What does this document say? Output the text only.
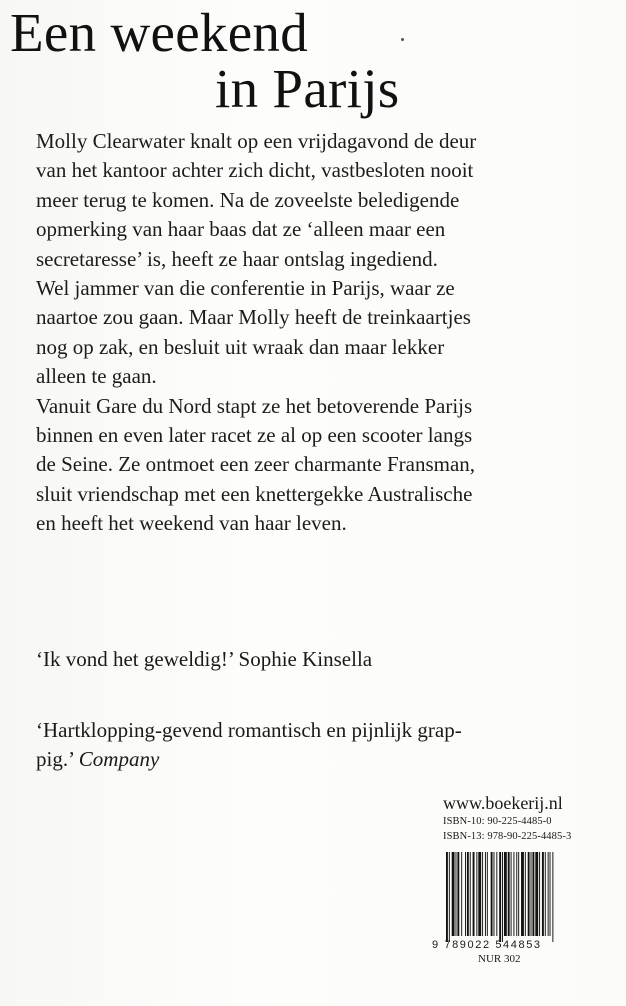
Een weekend
in Parijs
Molly Clearwater knalt op een vrijdagavond de deur
van het kantoor achter zich dicht, vastbesloten nooit
meer terug te komen. Na de zoveelste beledigende
opmerking van haar baas dat ze ‘alleen maar een
secretaresse’ is, heeft ze haar ontslag ingediend.
Wel jammer van die conferentie in Parijs, waar ze
naartoe zou gaan. Maar Molly heeft de treinkaartjes
nog op zak, en besluit uit wraak dan maar lekker
alleen te gaan.
Vanuit Gare du Nord stapt ze het betoverende Parijs
binnen en even later racet ze al op een scooter langs
de Seine. Ze ontmoet een zeer charmante Fransman,
sluit vriendschap met een knettergekke Australische
en heeft het weekend van haar leven.
‘Ik vond het geweldig!’ Sophie Kinsella
‘Hartklopping-gevend romantisch en pijnlijk grap-
pig.’ Company
www.boekerij.nl
ISBN-10: 90-225-4485-0
ISBN-13: 978-90-225-4485-3
9 789022 544853
NUR 302
